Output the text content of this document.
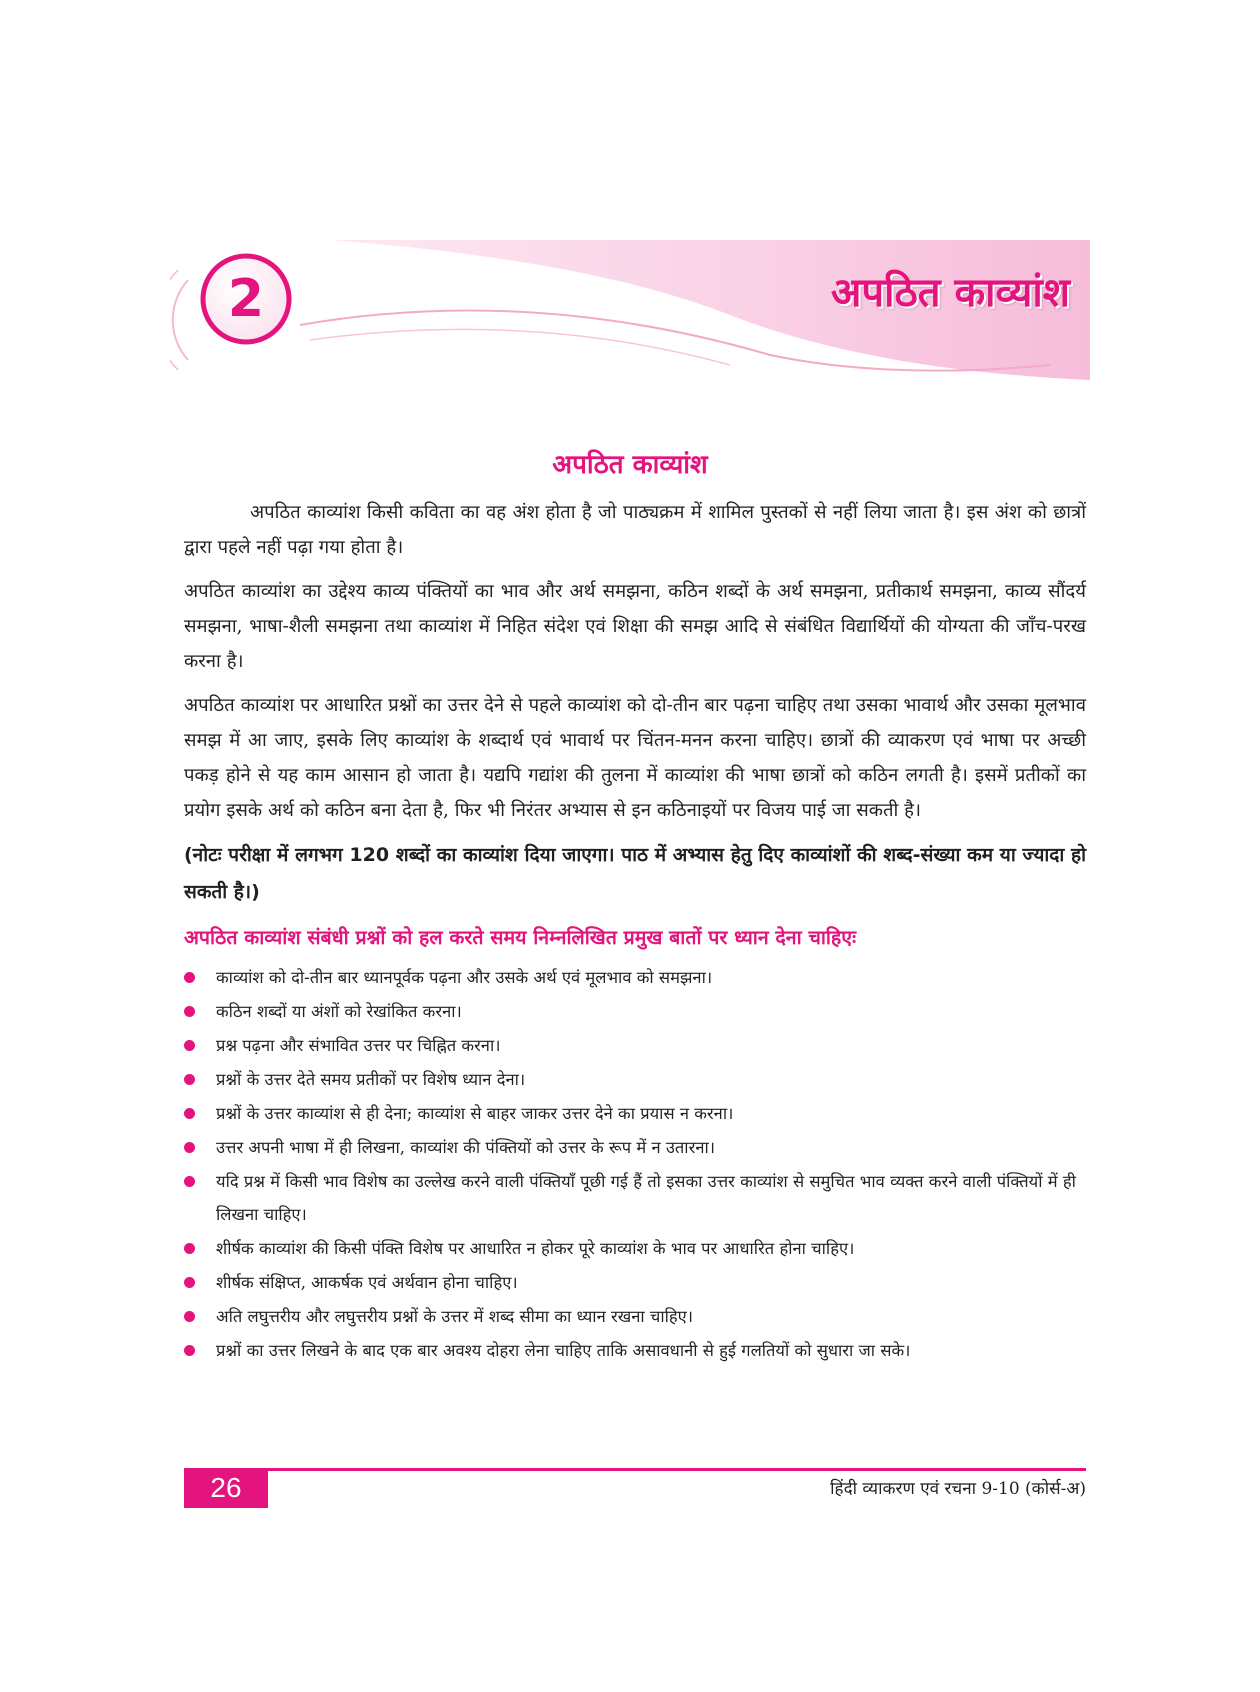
2	अपठित काव्यांश
अपठित काव्यांश

अपठित काव्यांश किसी कविता का वह अंश होता है जो पाठ्यक्रम में शामिल पुस्तकों से नहीं लिया जाता है। इस अंश को छात्रों द्वारा पहले नहीं पढ़ा गया होता है।

अपठित काव्यांश का उद्देश्य काव्य पंक्तियों का भाव और अर्थ समझना, कठिन शब्दों के अर्थ समझना, प्रतीकार्थ समझना, काव्य सौंदर्य समझना, भाषा-शैली समझना तथा काव्यांश में निहित संदेश एवं शिक्षा की समझ आदि से संबंधित विद्यार्थियों की योग्यता की जाँच-परख करना है।

अपठित काव्यांश पर आधारित प्रश्नों का उत्तर देने से पहले काव्यांश को दो-तीन बार पढ़ना चाहिए तथा उसका भावार्थ और उसका मूलभाव समझ में आ जाए, इसके लिए काव्यांश के शब्दार्थ एवं भावार्थ पर चिंतन-मनन करना चाहिए। छात्रों की व्याकरण एवं भाषा पर अच्छी पकड़ होने से यह काम आसान हो जाता है। यद्यपि गद्यांश की तुलना में काव्यांश की भाषा छात्रों को कठिन लगती है। इसमें प्रतीकों का प्रयोग इसके अर्थ को कठिन बना देता है, फिर भी निरंतर अभ्यास से इन कठिनाइयों पर विजय पाई जा सकती है।

(नोटः परीक्षा में लगभग 120 शब्दों का काव्यांश दिया जाएगा। पाठ में अभ्यास हेतु दिए काव्यांशों की शब्द-संख्या कम या ज्यादा हो सकती है।)

अपठित काव्यांश संबंधी प्रश्नों को हल करते समय निम्नलिखित प्रमुख बातों पर ध्यान देना चाहिएः
काव्यांश को दो-तीन बार ध्यानपूर्वक पढ़ना और उसके अर्थ एवं मूलभाव को समझना।
कठिन शब्दों या अंशों को रेखांकित करना।
प्रश्न पढ़ना और संभावित उत्तर पर चिह्नित करना।
प्रश्नों के उत्तर देते समय प्रतीकों पर विशेष ध्यान देना।
प्रश्नों के उत्तर काव्यांश से ही देना; काव्यांश से बाहर जाकर उत्तर देने का प्रयास न करना।
उत्तर अपनी भाषा में ही लिखना, काव्यांश की पंक्तियों को उत्तर के रूप में न उतारना।
यदि प्रश्न में किसी भाव विशेष का उल्लेख करने वाली पंक्तियाँ पूछी गई हैं तो इसका उत्तर काव्यांश से समुचित भाव व्यक्त करने वाली पंक्तियों में ही लिखना चाहिए।
शीर्षक काव्यांश की किसी पंक्ति विशेष पर आधारित न होकर पूरे काव्यांश के भाव पर आधारित होना चाहिए।
शीर्षक संक्षिप्त, आकर्षक एवं अर्थवान होना चाहिए।
अति लघुत्तरीय और लघुत्तरीय प्रश्नों के उत्तर में शब्द सीमा का ध्यान रखना चाहिए।
प्रश्नों का उत्तर लिखने के बाद एक बार अवश्य दोहरा लेना चाहिए ताकि असावधानी से हुई गलतियों को सुधारा जा सके।
26	हिंदी व्याकरण एवं रचना 9-10 (कोर्स-अ)
